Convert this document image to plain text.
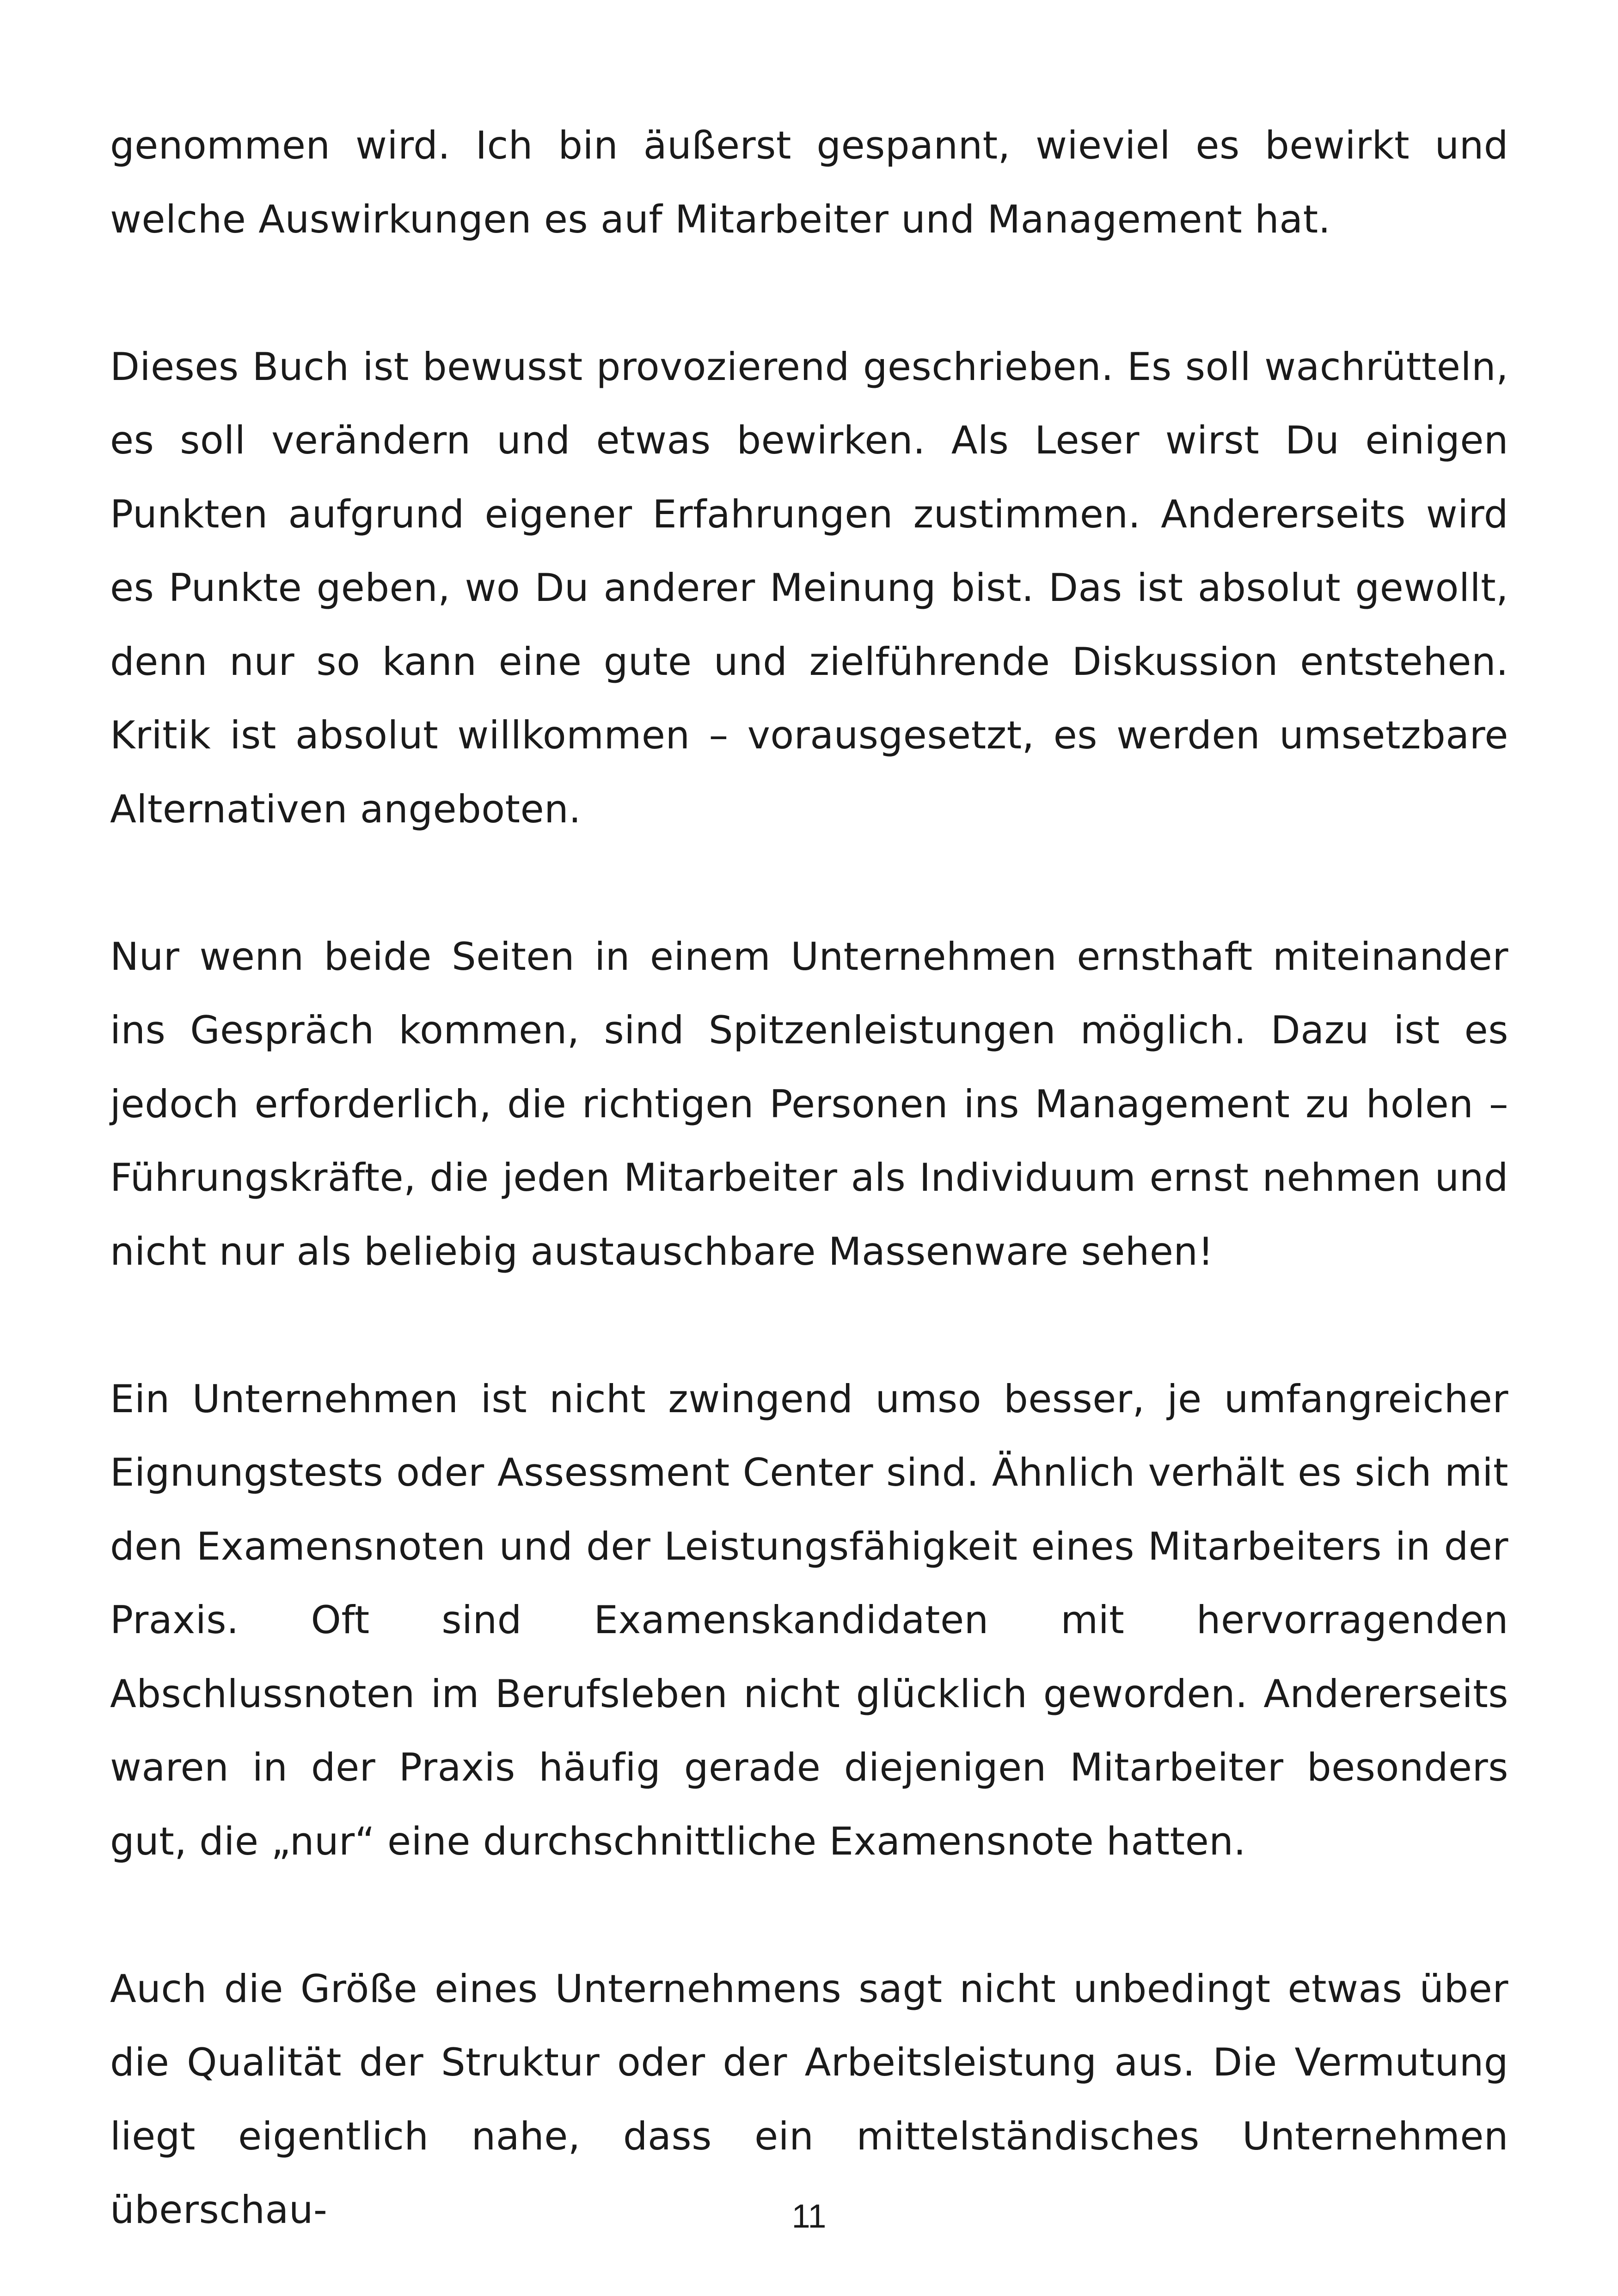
genommen wird. Ich bin äußerst gespannt, wieviel es bewirkt und welche Auswirkungen es auf Mitarbeiter und Management hat.

Dieses Buch ist bewusst provozierend geschrieben. Es soll wachrütteln, es soll verändern und etwas bewirken. Als Leser wirst Du einigen Punkten aufgrund eigener Erfahrungen zustimmen. Andererseits wird es Punkte geben, wo Du anderer Meinung bist. Das ist absolut gewollt, denn nur so kann eine gute und zielführende Diskussion entstehen. Kritik ist absolut willkommen – vorausgesetzt, es werden umsetzbare Alternativen angeboten.

Nur wenn beide Seiten in einem Unternehmen ernsthaft miteinander ins Gespräch kommen, sind Spitzenleistungen möglich. Dazu ist es jedoch erforderlich, die richtigen Personen ins Management zu holen – Führungskräfte, die jeden Mitarbeiter als Individuum ernst nehmen und nicht nur als beliebig austauschbare Massenware sehen!

Ein Unternehmen ist nicht zwingend umso besser, je umfangreicher Eignungstests oder Assessment Center sind. Ähnlich verhält es sich mit den Examensnoten und der Leistungsfähigkeit eines Mitarbeiters in der Praxis. Oft sind Examenskandidaten mit hervorragenden Abschlussnoten im Berufsleben nicht glücklich geworden. Andererseits waren in der Praxis häufig gerade diejenigen Mitarbeiter besonders gut, die „nur“ eine durchschnittliche Examensnote hatten.

Auch die Größe eines Unternehmens sagt nicht unbedingt etwas über die Qualität der Struktur oder der Arbeitsleistung aus. Die Vermutung liegt eigentlich nahe, dass ein mittelständisches Unternehmen überschau-	11
